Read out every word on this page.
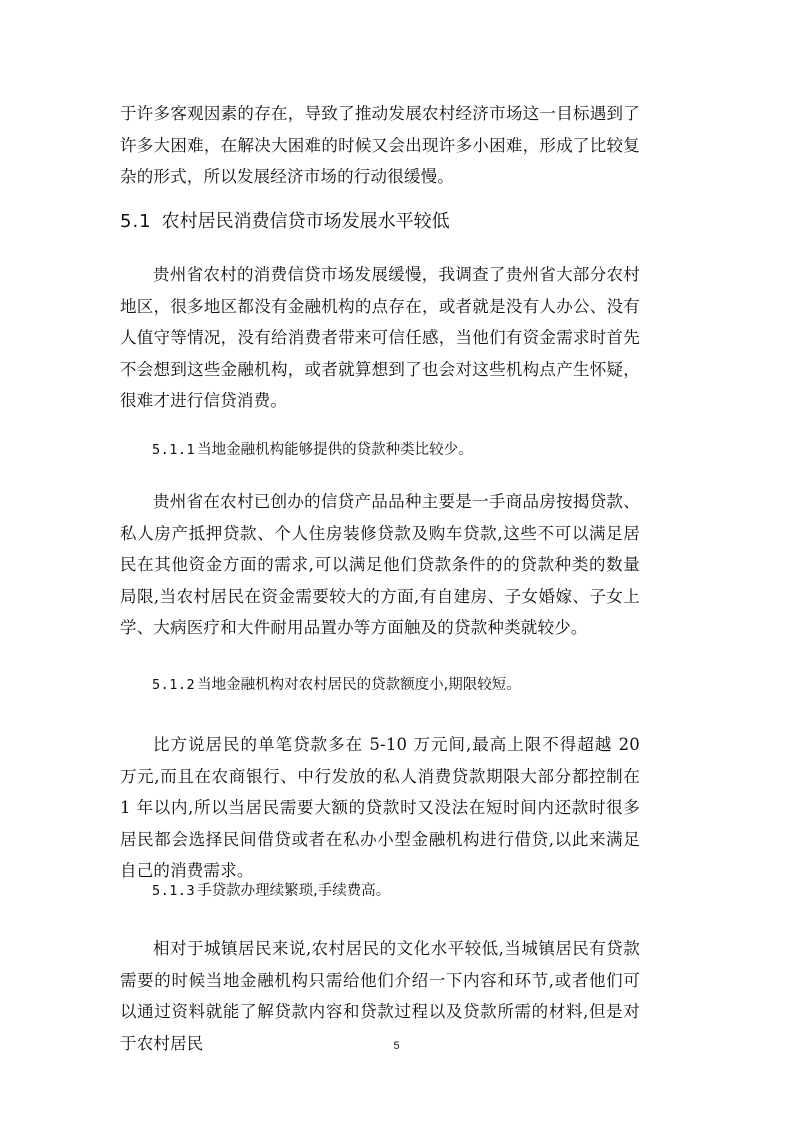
于许多客观因素的存在，导致了推动发展农村经济市场这一目标遇到了许多大困难，在解决大困难的时候又会出现许多小困难，形成了比较复杂的形式，所以发展经济市场的行动很缓慢。

5.1 农村居民消费信贷市场发展水平较低

贵州省农村的消费信贷市场发展缓慢，我调查了贵州省大部分农村地区，很多地区都没有金融机构的点存在，或者就是没有人办公、没有人值守等情况，没有给消费者带来可信任感，当他们有资金需求时首先不会想到这些金融机构，或者就算想到了也会对这些机构点产生怀疑，很难才进行信贷消费。

5.1.1 当地金融机构能够提供的贷款种类比较少。

贵州省在农村已创办的信贷产品品种主要是一手商品房按揭贷款、私人房产抵押贷款、个人住房装修贷款及购车贷款,这些不可以满足居民在其他资金方面的需求,可以满足他们贷款条件的的贷款种类的数量局限,当农村居民在资金需要较大的方面,有自建房、子女婚嫁、子女上学、大病医疗和大件耐用品置办等方面触及的贷款种类就较少。

5.1.2 当地金融机构对农村居民的贷款额度小,期限较短。

比方说居民的单笔贷款多在 5-10 万元间,最高上限不得超越 20 万元,而且在农商银行、中行发放的私人消费贷款期限大部分都控制在 1 年以内,所以当居民需要大额的贷款时又没法在短时间内还款时很多居民都会选择民间借贷或者在私办小型金融机构进行借贷,以此来满足自己的消费需求。

5.1.3 手贷款办理续繁琐,手续费高。

相对于城镇居民来说,农村居民的文化水平较低,当城镇居民有贷款需要的时候当地金融机构只需给他们介绍一下内容和环节,或者他们可以通过资料就能了解贷款内容和贷款过程以及贷款所需的材料,但是对于农村居民	5
